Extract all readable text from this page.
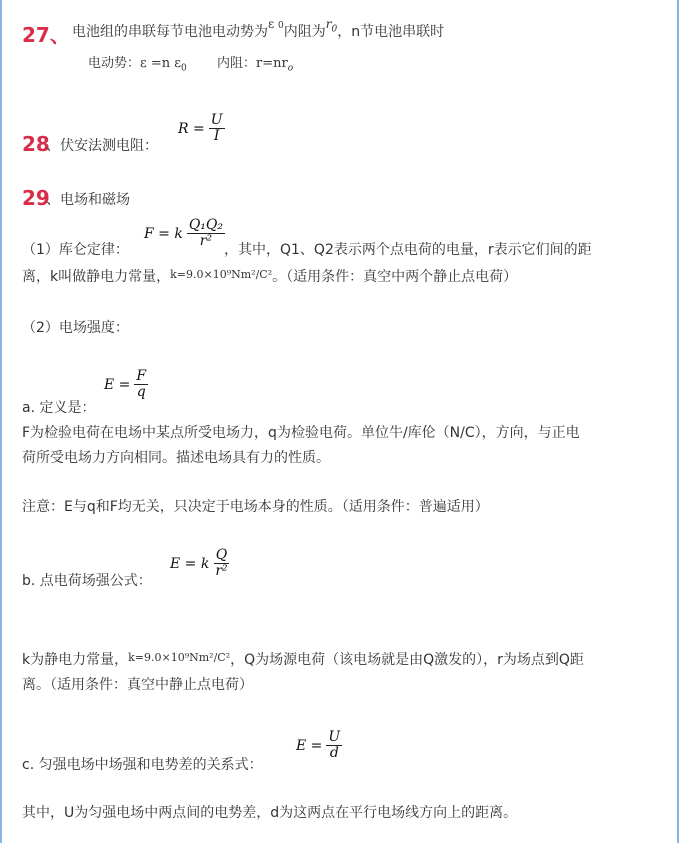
27、 电池组的串联每节电池电动势为ε 0内阻为$r_0$，n节电池串联时
电动势：ε =n $\varepsilon_0$ 内阻：$r=nr_o$
28
、伏安法测电阻：
$R = \frac{U}{I}$
29
、电场和磁场
（1）库仑定律：
F = k $\frac{\text{Q₁Q₂}}{\text{r²}}$
，其中，Q1、Q2表示两个点电荷的电量，r表示它们间的距
离，k叫做静电力常量，$^{k=9.0\times 10^9Nm^2/C^2}$。（适用条件：真空中两个静止点电荷）
（2）电场强度：
$E = \frac{F}{q}$
a. 定义是：
F为检验电荷在电场中某点所受电场力，q为检验电荷。单位牛/库伦（N/C），方向，与正电
荷所受电场力方向相同。描述电场具有力的性质。
注意：E与q和F均无关，只决定于电场本身的性质。（适用条件：普遍适用）
E = k $\frac{Q}{\text{r²}}$
b. 点电荷场强公式：
k为静电力常量，$^{k=9.0\times 10^9Nm^2/C^2}$，Q为场源电荷（该电场就是由Q激发的），r为场点到Q距
离。（适用条件：真空中静止点电荷）
$E = \frac{U}{d}$
c. 匀强电场中场强和电势差的关系式：
其中，U为匀强电场中两点间的电势差，d为这两点在平行电场线方向上的距离。
